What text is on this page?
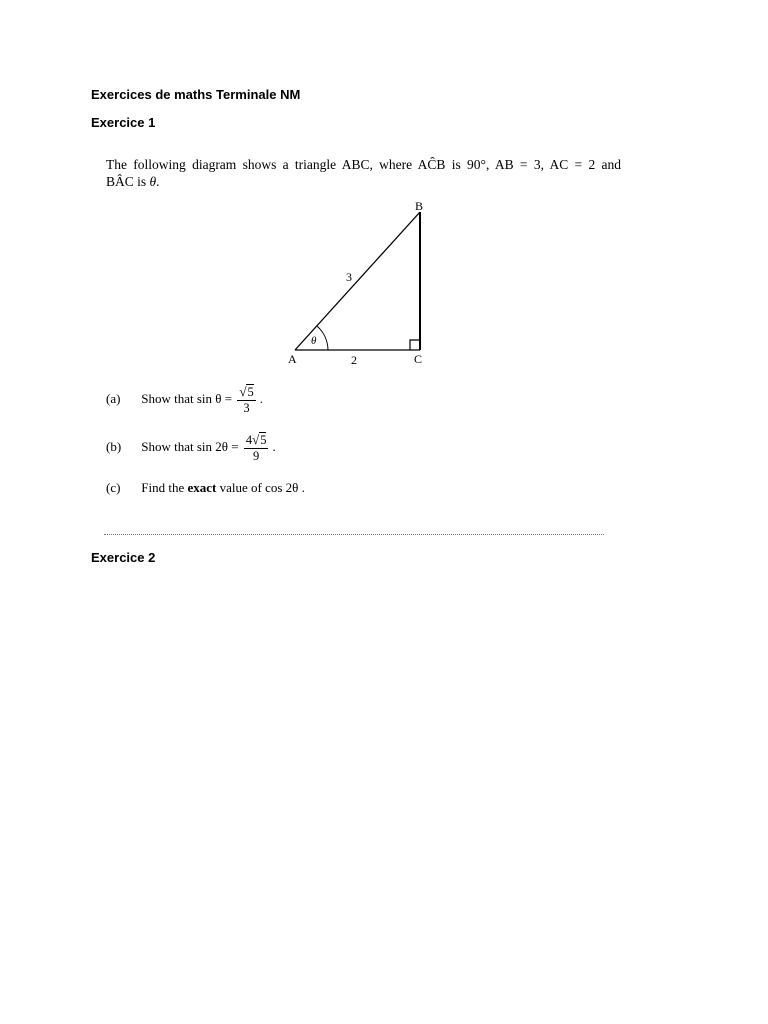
Exercices de maths Terminale NM
Exercice 1
The following diagram shows a triangle ABC, where AĈB is 90°, AB = 3, AC = 2 and
BÂC is θ.
θ
A
B
C
3
2
(a) Show that $\sin \theta = \frac{√5}{3}$ .
(b) Show that $\sin 2\theta = \frac{4√5}{9}$ .
(c) Find the exact value of cos 2θ .
Exercice 2
